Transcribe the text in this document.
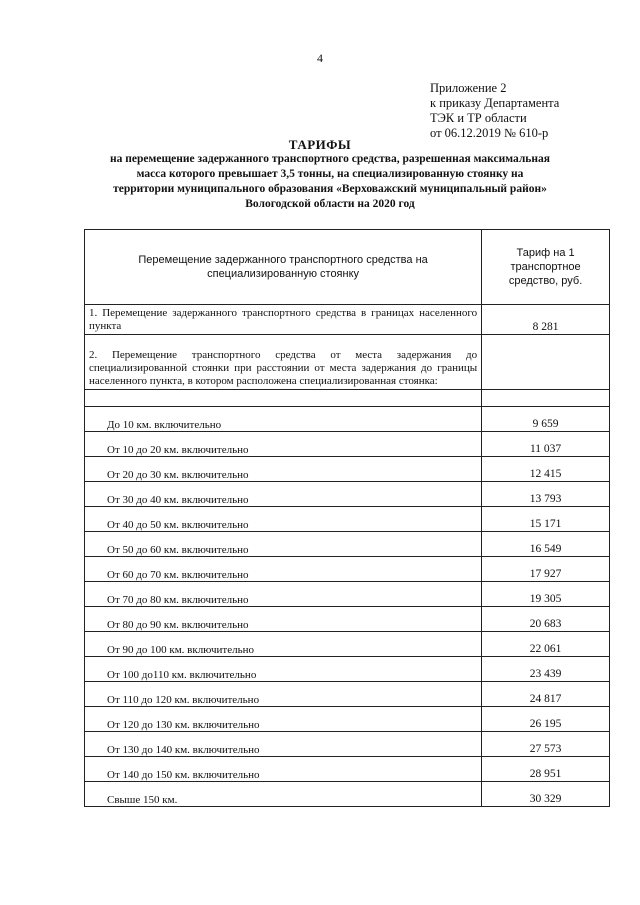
4
Приложение 2
к приказу Департамента
ТЭК и ТР области
от 06.12.2019 № 610-р
ТАРИФЫ
на перемещение задержанного транспортного средства, разрешенная максимальная
масса которого превышает 3,5 тонны, на специализированную стоянку на
территории муниципального образования «Верховажский муниципальный район»
Вологодской области на 2020 год
Перемещение задержанного транспортного средства на специализированную стоянку	Тариф на 1 транспортное средство, руб.
1. Перемещение задержанного транспортного средства в границах населенного пункта	8 281
2. Перемещение транспортного средства от места задержания до специализированной стоянки при расстоянии от места задержания до границы населенного пункта, в котором расположена специализированная стоянка:	

До 10 км. включительно	9 659
От 10 до 20 км. включительно	11 037
От 20 до 30 км. включительно	12 415
От 30 до 40 км. включительно	13 793
От 40 до 50 км. включительно	15 171
От 50 до 60 км. включительно	16 549
От 60 до 70 км. включительно	17 927
От 70 до 80 км. включительно	19 305
От 80 до 90 км. включительно	20 683
От 90 до 100 км. включительно	22 061
От 100 до110 км. включительно	23 439
От 110 до 120 км. включительно	24 817
От 120 до 130 км. включительно	26 195
От 130 до 140 км. включительно	27 573
От 140 до 150 км. включительно	28 951
Свыше 150 км.	30 329
